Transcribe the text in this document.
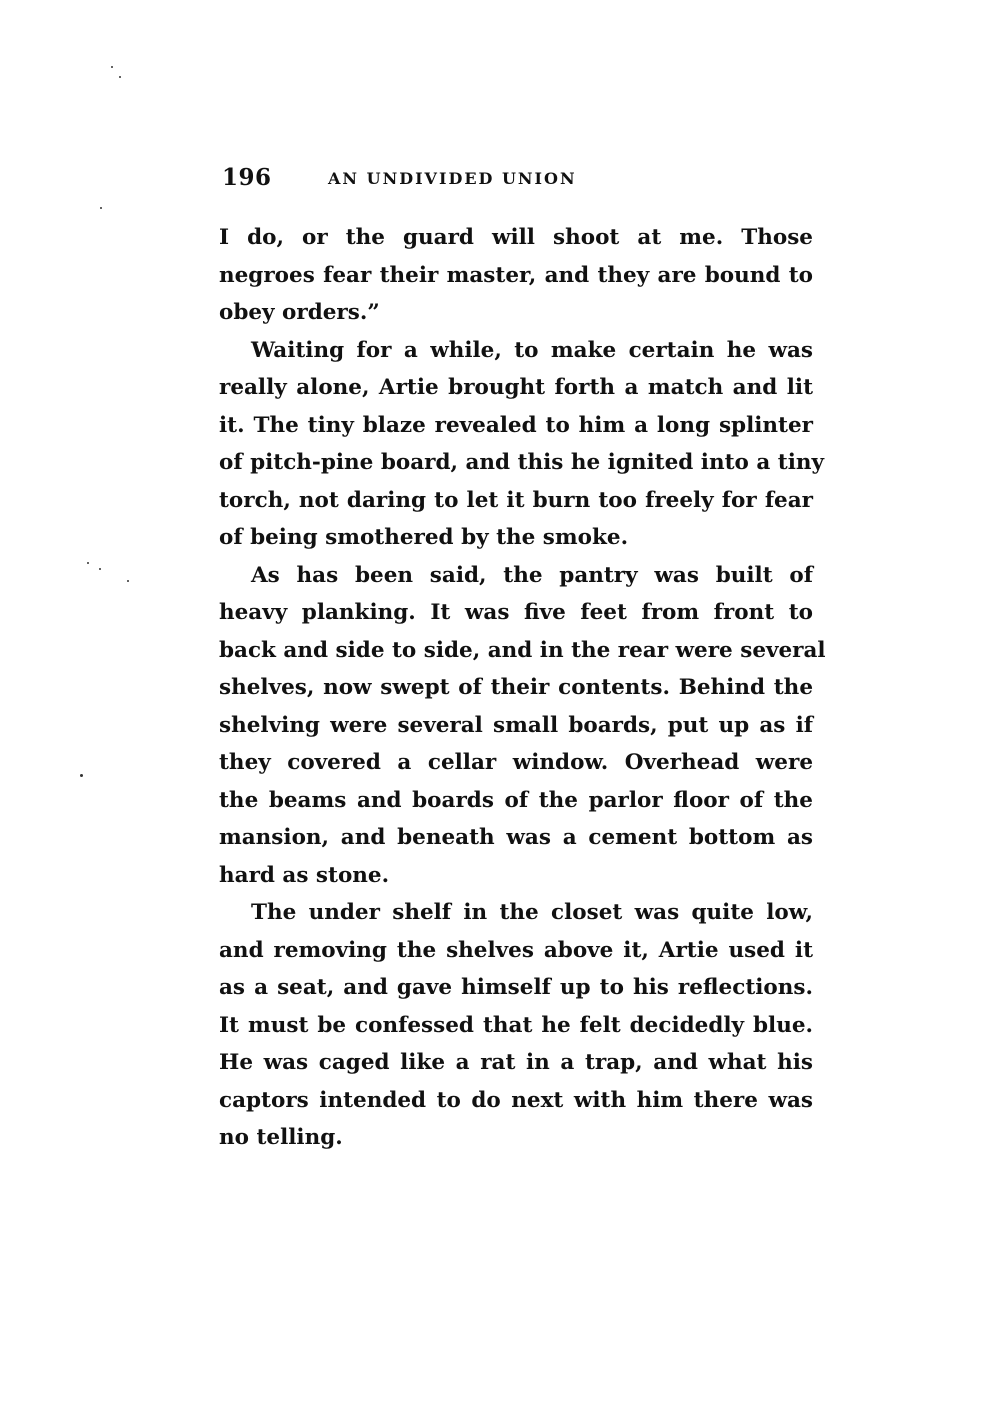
196	AN UNDIVIDED UNION

I do, or the guard will shoot at me. Those
negroes fear their master, and they are bound to
obey orders.”

Waiting for a while, to make certain he was
really alone, Artie brought forth a match and lit
it. The tiny blaze revealed to him a long splinter
of pitch-pine board, and this he ignited into a tiny
torch, not daring to let it burn too freely for fear
of being smothered by the smoke.

As has been said, the pantry was built of
heavy planking. It was five feet from front to
back and side to side, and in the rear were several
shelves, now swept of their contents. Behind the
shelving were several small boards, put up as if
they covered a cellar window. Overhead were
the beams and boards of the parlor floor of the
mansion, and beneath was a cement bottom as
hard as stone.

The under shelf in the closet was quite low,
and removing the shelves above it, Artie used it
as a seat, and gave himself up to his reflections.
It must be confessed that he felt decidedly blue.
He was caged like a rat in a trap, and what his
captors intended to do next with him there was
no telling.
